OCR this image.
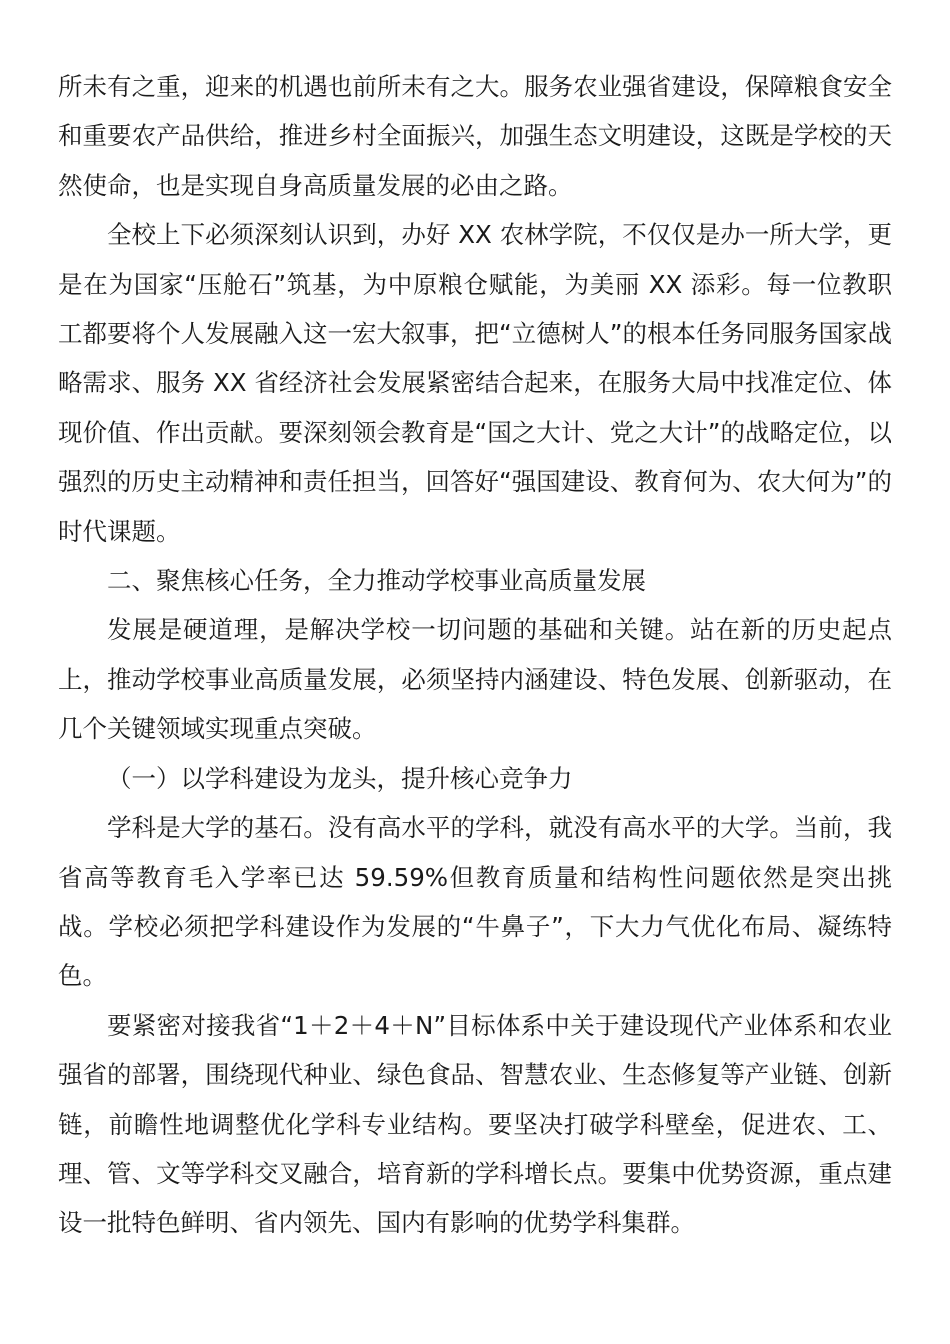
所未有之重，迎来的机遇也前所未有之大。服务农业强省建设，保障粮食安全和重要农产品供给，推进乡村全面振兴，加强生态文明建设，这既是学校的天然使命，也是实现自身高质量发展的必由之路。

全校上下必须深刻认识到，办好 XX 农林学院，不仅仅是办一所大学，更是在为国家“压舱石”筑基，为中原粮仓赋能，为美丽 XX 添彩。每一位教职工都要将个人发展融入这一宏大叙事，把“立德树人”的根本任务同服务国家战略需求、服务 XX 省经济社会发展紧密结合起来，在服务大局中找准定位、体现价值、作出贡献。要深刻领会教育是“国之大计、党之大计”的战略定位，以强烈的历史主动精神和责任担当，回答好“强国建设、教育何为、农大何为”的时代课题。

二、聚焦核心任务，全力推动学校事业高质量发展

发展是硬道理，是解决学校一切问题的基础和关键。站在新的历史起点上，推动学校事业高质量发展，必须坚持内涵建设、特色发展、创新驱动，在几个关键领域实现重点突破。

（一）以学科建设为龙头，提升核心竞争力

学科是大学的基石。没有高水平的学科，就没有高水平的大学。当前，我省高等教育毛入学率已达 59.59%但教育质量和结构性问题依然是突出挑战。学校必须把学科建设作为发展的“牛鼻子”，下大力气优化布局、凝练特色。

要紧密对接我省“1＋2＋4＋N”目标体系中关于建设现代产业体系和农业强省的部署，围绕现代种业、绿色食品、智慧农业、生态修复等产业链、创新链，前瞻性地调整优化学科专业结构。要坚决打破学科壁垒，促进农、工、理、管、文等学科交叉融合，培育新的学科增长点。要集中优势资源，重点建设一批特色鲜明、省内领先、国内有影响的优势学科集群。
